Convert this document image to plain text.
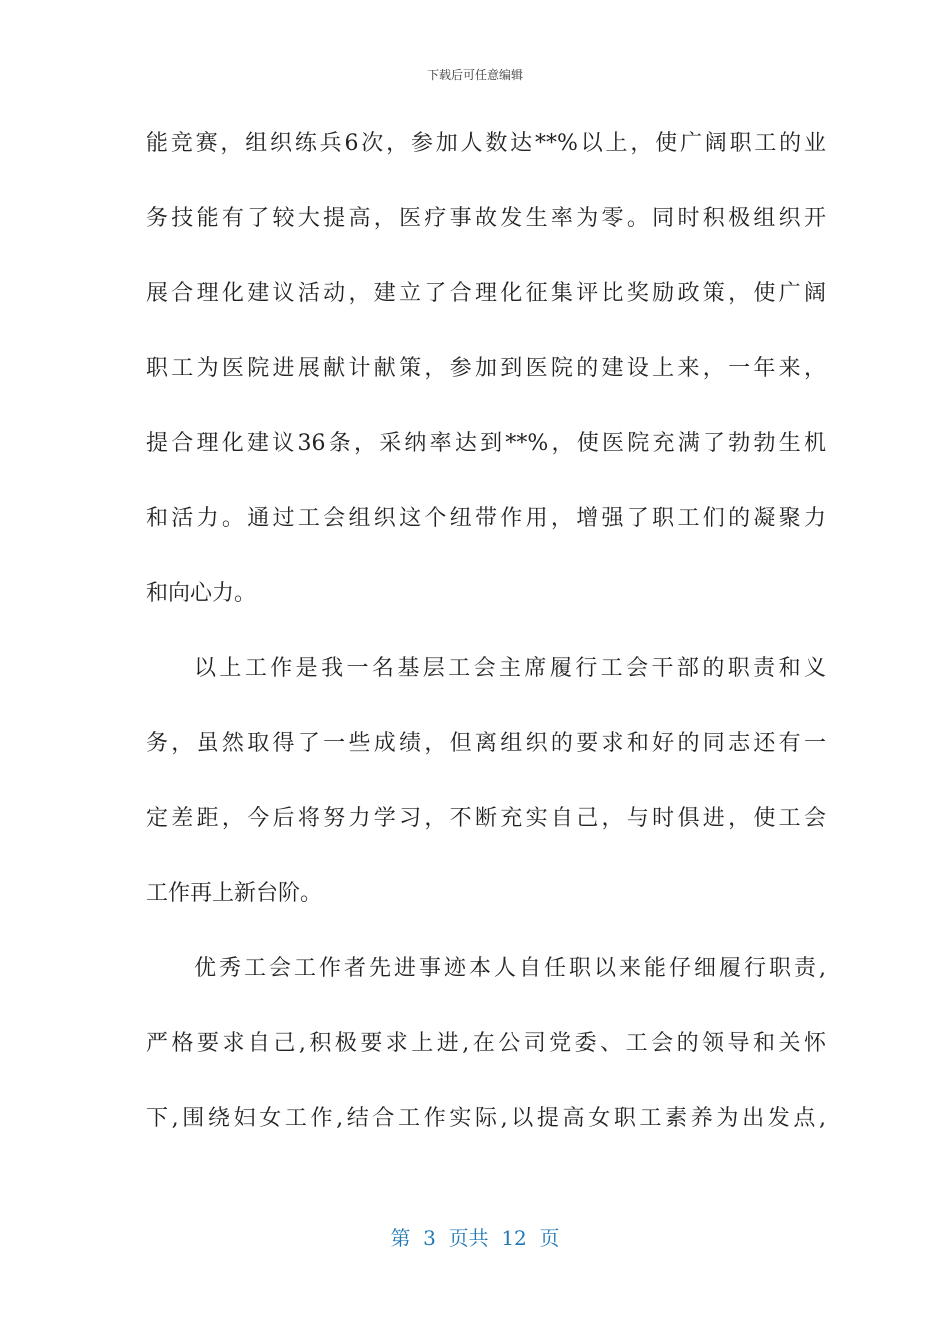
下载后可任意编辑
能竞赛，组织练兵6次，参加人数达**%以上，使广阔职工的业
务技能有了较大提高，医疗事故发生率为零。同时积极组织开
展合理化建议活动，建立了合理化征集评比奖励政策，使广阔
职工为医院进展献计献策，参加到医院的建设上来，一年来，
提合理化建议36条，采纳率达到**%，使医院充满了勃勃生机
和活力。通过工会组织这个纽带作用，增强了职工们的凝聚力
和向心力。
以上工作是我一名基层工会主席履行工会干部的职责和义
务，虽然取得了一些成绩，但离组织的要求和好的同志还有一
定差距，今后将努力学习，不断充实自己，与时俱进，使工会
工作再上新台阶。
优秀工会工作者先进事迹本人自任职以来能仔细履行职责,
严格要求自己,积极要求上进,在公司党委、工会的领导和关怀
下,围绕妇女工作,结合工作实际,以提高女职工素养为出发点,
第  3  页共  12  页
